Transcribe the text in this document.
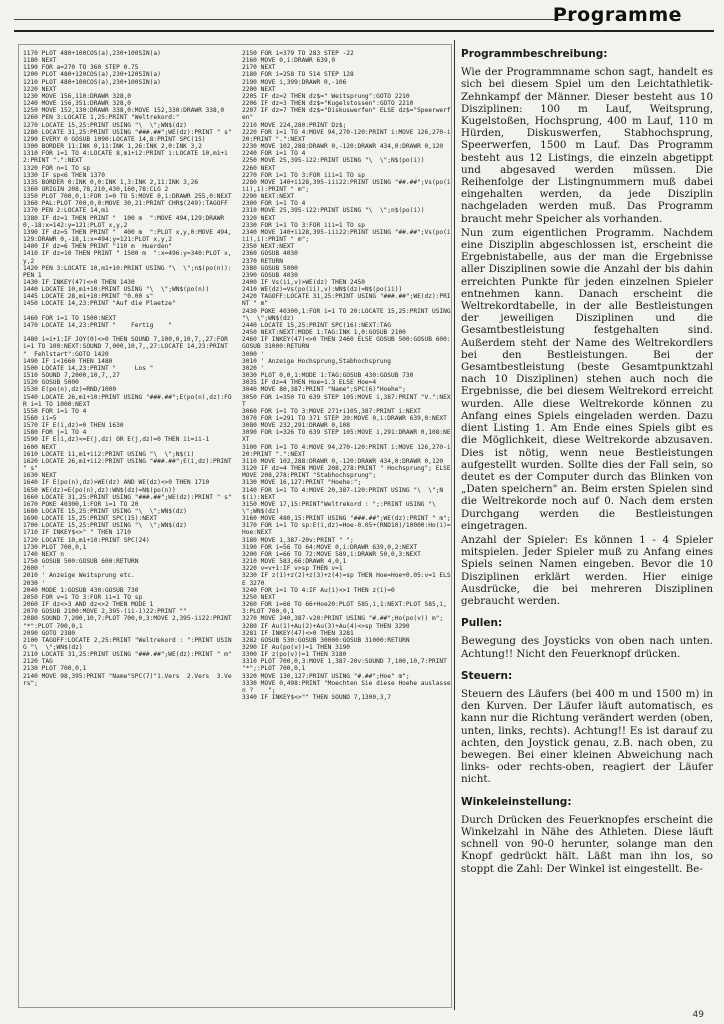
Programme
1170 PLOT 480+100COS(a),230+100SIN(a)
1180 NEXT
1190 FOR a=270 TO 360 STEP 0.75
1200 PLOT 480+120COS(a),230+120SIN(a)
1210 PLOT 480+100COS(a),230+100SIN(a)
1220 NEXT
1230 MOVE 156,110:DRAWR 328,0
1240 MOVE 156,351:DRAWR 328,0
1250 MOVE 152,130:DRAWR 338,0:MOVE 152,330:DRAWR 338,0
1260 PEN 3:LOCATE 1,25:PRINT "Weltrekord:"
1270 LOCATE 15,25:PRINT USING "\  \";WN$(dz)
1280 LOCATE 31,25:PRINT USING "###.##";WE(dz):PRINT " s"
1290 EVERY 0 GOSUB 1090:LOCATE 14,8:PRINT SPC(15)
1300 BORDER 11:INK 0,11:INK 1,26:INK 2,0:INK 3,2
1310 FOR i=1 TO 4:LOCATE 8,m1+i2:PRINT i:LOCATE 10,m1+i2:PRINT ".":NEXT
1320 FOR n=1 TO sp
1330 IF sp<6 THEN 1370
1335 BORDER 0:INK 0,0:INK 1,3:INK 2,11:INK 3,26
1360 ORIGIN 208,78,210,430,160,78:CLG 2
1350 PLOT 700,0,1:FOR i=0 TO 5:MOVE 0,i:DRAWR 255,0:NEXT
1360 PAL:PLOT 700,0,0:MOVE 30,21:PRINT CHR$(249):TAGOFF
1370 PEN 2:LOCATE 14,m1
1380 IF dz=1 THEN PRINT "  100 m  ":MOVE 494,129:DRAWR 0,-18:x=142:y=121:PLOT x,y,2
1390 IF dz=5 THEN PRINT "  400 m  ":PLOT x,y,0:MOVE 494,129:DRAWR 0,-18,1:x=494:y=121:PLOT x,y,2
1400 IF dz=6 THEN PRINT "110 m  Huerden"
1410 IF dz=10 THEN PRINT " 1500 m  ":x=496:y=340:PLOT x,y,2
1420 PEN 3:LOCATE 10,m1+10:PRINT USING "\  \";n$(po(n)):PEN 1
1430 IF INKEY(47)<>0 THEN 1430
1440 LOCATE 10,m1+10:PRINT USING "\  \";WN$(po(n))
1445 LOCATE 28,m1+10:PRINT "0.00 s"
1450 LOCATE 14,23:PRINT "Auf die Plaetze"

1460 FOR i=1 TO 1500:NEXT
1470 LOCATE 14,23:PRINT "    Fertig    "

1480 i=i+1:IF JOY(0)<>0 THEN SOUND 7,100,0,10,7,,27:FOR i=1 TO 100:NEXT:SOUND 7,000,10,7,,27:LOCATE 14,23:PRINT "  Fehlstart":GOTO 1420
1490 IF i<1660 THEN 1480
1500 LOCATE 14,23:PRINT "     Los "
1510 SOUND 7,2000,10,7,,27
1520 GOSUB 5000
1530 E(po(n),dz)=RND/1000
1540 LOCATE 26,m1+10:PRINT USING "###.##";E(po(n),dz):FOR i=1 TO 1000:NEXT
1550 FOR i=1 TO 4
1560 ii=5
1570 IF E(i,dz)=0 THEN 1630
1580 FOR j=1 TO 4
1590 IF E(i,dz)<=E(j,dz) OR E(j,dz)=0 THEN ii=ii-1
1600 NEXT
1610 LOCATE 11,m1+ii2:PRINT USING "\  \";N$(i)
1620 LOCATE 26,m1+ii2:PRINT USING "###.##";E(i,dz):PRINT " s"
1630 NEXT
1640 IF E(po(n),dz)>WE(dz) AND WE(dz)<>0 THEN 1710
1650 WE(dz)=E(po(n),dz):WN$(dz)=N$(po(n))
1660 LOCATE 31,25:PRINT USING "###.##";WE(dz):PRINT " s"
1670 POKE 40300,1:FOR i=1 TO 20
1680 LOCATE 15,25:PRINT USING "\  \";WN$(dz)
1690 LOCATE 15,25:PRINT SPC(15):NEXT
1700 LOCATE 15,25:PRINT USING "\  \";WN$(dz)
1710 IF INKEY$<>" " THEN 1710
1720 LOCATE 10,m1+10:PRINT SPC(24)
1730 PLOT 700,0,1
1740 NEXT n
1750 GOSUB 500:GOSUB 600:RETURN
2000 '
2010 ' Anzeige Weitsprung etc.
2030 '
2040 MODE 1:GOSUB 430:GOSUB 730
2050 FOR v=1 TO 3:FOR ii=1 TO sp
2060 IF dz<>3 AND dz<>2 THEN MODE 1
2070 GOSUB 2100:MOVE 2,395-(ii-1)22:PRINT ""
2080 SOUND 7,200,10,7:PLOT 700,0,3:MOVE 2,395-ii22:PRINT "*":PLOT 700,0,1
2090 GOTO 2380
2100 TAGOFF:LOCATE 2,25:PRINT "Weltrekord : ":PRINT USING "\  \";WN$(dz)
2110 LOCATE 31,25:PRINT USING "###.##";WE(dz):PRINT " m"
2120 TAG
2130 PLOT 700,0,1
2140 MOVE 98,395:PRINT "Name"SPC(7)"1.Vers  2.Vers  3.Vers";
2150 FOR i=379 TO 283 STEP -22
2160 MOVE 0,i:DRAWR 639,0
2170 NEXT
2180 FOR i=258 TO 514 STEP 128
2190 MOVE i,399:DRAWR 0,-106
2200 NEXT
2205 IF dz=2 THEN dz$=" Weitsprung":GOTO 2210
2206 IF dz=3 THEN dz$="Kugelstossen":GOTO 2210
2207 IF dz=7 THEN dz$="Diskuswerfen" ELSE dz$="Speerwerfen"
2210 MOVE 224,280:PRINT Dz$;
2220 FOR i=1 TO 4:MOVE 94,270-i20:PRINT i:MOVE 126,270-i20:PRINT ".":NEXT
2230 MOVE 102,288:DRAWR 0,-120:DRAWR 434,0:DRAWR 0,120
2240 FOR i=1 TO 4
2250 MOVE 25,395-i22:PRINT USING "\  \";N$(po(i))
2260 NEXT
2270 FOR i=1 TO 3:FOR iii=1 TO sp
2280 MOVE 140+i128,395-iii22:PRINT USING "##.##";Vs(po(iii),i):PRINT " m";
2290 NEXT:NEXT
2300 FOR i=1 TO 4
2310 MOVE 25,395-i22:PRINT USING "\  \";n$(po(i))
2320 NEXT
2330 FOR i=1 TO 3:FOR iii=1 TO sp
2340 MOVE 140+i128,395-iii22:PRINT USING "##.##";Vs(po(iii),i):PRINT " m";
2350 NEXT:NEXT
2360 GOSUB 4030
2370 RETURN
2380 GOSUB 5000
2390 GOSUB 4030
2400 IF Vs(ii,v)>WE(dz) THEN 2450
2410 WE(dz)=Vs(po(ii),v):WN$(dz)=N$(po(ii))
2420 TAGOFF:LOCATE 31,25:PRINT USING "###.##";WE(dz):PRINT " m"
2430 POKE 40300,1:FOR i=1 TO 20:LOCATE 15,25:PRINT USING "\  \";WN$(dz)
2440 LOCATE 15,25:PRINT SPC(16):NEXT:TAG
2450 NEXT:NEXT:MODE 1:TAG:INK 1,0:GOSUB 2100
2460 IF INKEY(47)<>0 THEN 2460 ELSE GOSUB 500:GOSUB 600:GOSUB 31000:RETURN
3000 '
3010 ' Anzeige Hochsprung,Stabhochsprung
3020 '
3030 PLOT 0,0,1:MODE 1:TAG:GOSUB 430:GOSUB 730
3035 IF dz=4 THEN Hoe=1.3 ELSE Hoe=4
3040 MOVE 80,387:PRINT "Name";SPC(6)"Hoehe";
3050 FOR i=350 TO 639 STEP 105:MOVE i,387:PRINT "V.":NEXT
3060 FOR i=1 TO 3:MOVE 271+i105,387:PRINT i:NEXT
3070 FOR i=291 TO 371 STEP 20:MOVE 0,i:DRAWR 639,0:NEXT
3080 MOVE 232,291:DRAWR 0,108
3090 FOR i=326 TO 639 STEP 105:MOVE i,291:DRAWR 0,108:NEXT
3100 FOR i=1 TO 4:MOVE 94,270-i20:PRINT i:MOVE 126,270-i20:PRINT ".":NEXT
3110 MOVE 102,288:DRAWR 0,-120:DRAWR 434,0:DRAWR 0,120
3120 IF dz=4 THEN MOVE 208,278:PRINT " Hochsprung"; ELSE MOVE 208,278:PRINT "Stabhochsprung";
3130 MOVE 16,127:PRINT "Hoehe:";
3140 FOR i=1 TO 4:MOVE 20,387-i20:PRINT USING "\  \";N$(i):NEXT
3150 MOVE 17,15:PRINT"Weltrekord : ";:PRINT USING "\  \";WN$(dz)
3160 MOVE 480,15:PRINT USING "###.##";WE(dz):PRINT " m";
3170 FOR i=1 TO sp:E(i,dz)=Hoe-0.05+(RND10)/10000:Ho(i)=Hoe:NEXT
3180 MOVE 1,387-20v:PRINT " ";
3190 FOR i=56 TO 64:MOVE 0,i:DRAWR 639,0,2:NEXT
3200 FOR i=66 TO 72:MOVE 589,i:DRAWR 50,0,3:NEXT
3210 MOVE 583,66:DRAWR 4,0,1
3220 v=v+1:IF v>sp THEN v=1
3230 IF z(1)+z(2)+z(3)+z(4)=sp THEN Hoe=Hoe+0.05:v=1 ELSE 3270
3240 FOR i=1 TO 4:IF Au(i)<>1 THEN z(i)=0
3250 NEXT
3260 FOR i=66 TO 66+Hoe20:PLOT 585,i,1:NEXT:PLOT 585,i,3:PLOT 700,0,1
3270 MOVE 240,387-v20:PRINT USING "#.##";Ho(po(v)) m";
3280 IF Au(1)+Au(2)+Au(3)+Au(4)<>sp THEN 3290
3281 IF INKEY(47)<>0 THEN 3281
3282 GOSUB 530:GOSUB 30000:GOSUB 31000:RETURN
3290 IF Au(po(v))=1 THEN 3190
3300 IF z(po(v))=1 THEN 3180
3310 PLOT 700,0,3:MOVE 1,387-20v:SOUND 7,100,10,7:PRINT "*";:PLOT 700,0,1
3320 MOVE 130,127:PRINT USING "#.##";Hoe" m";
3330 MOVE 0,498:PRINT "Moechten Sie diese Hoehe auslassen ?    ";
3340 IF INKEY$<>"" THEN SOUND 7,1300,3,7
Programmbeschreibung:

Wie der Programmname schon sagt, handelt es sich bei diesem Spiel um den Leichtathletik-Zehnkampf der Männer. Dieser besteht aus 10 Disziplinen: 100 m Lauf, Weitsprung, Kugelstoßen, Hochsprung, 400 m Lauf, 110 m Hürden, Diskuswerfen, Stabhochsprung, Speerwerfen, 1500 m Lauf. Das Programm besteht aus 12 Listings, die einzeln abgetippt und abgesaved werden müssen. Die Reihenfolge der Listingnummern muß dabei eingehalten werden, da jede Disziplin nachgeladen werden muß. Das Programm braucht mehr Speicher als vorhanden.

Nun zum eigentlichen Programm. Nachdem eine Disziplin abgeschlossen ist, erscheint die Ergebnistabelle, aus der man die Ergebnisse aller Disziplinen sowie die Anzahl der bis dahin erreichten Punkte für jeden einzelnen Spieler entnehmen kann. Danach erscheint die Weltrekordtabelle, in der alle Bestleistungen der jeweiligen Disziplinen und die Gesamtbestleistung festgehalten sind. Außerdem steht der Name des Weltrekordlers bei den Bestleistungen. Bei der Gesamtbestleistung (beste Gesamtpunktzahl nach 10 Disziplinen) stehen auch noch die Ergebnisse, die bei diesem Weltrekord erreicht wurden. Alle diese Weltrekorde können zu Anfang eines Spiels eingeladen werden. Dazu dient Listing 1. Am Ende eines Spiels gibt es die Möglichkeit, diese Weltrekorde abzusaven. Dies ist nötig, wenn neue Bestleistungen aufgestellt wurden. Sollte dies der Fall sein, so deutet es der Computer durch das Blinken von „Daten speichern" an. Beim ersten Spielen sind die Weltrekorde noch auf 0. Nach dem ersten Durchgang werden die Bestleistungen eingetragen.

Anzahl der Spieler: Es können 1 - 4 Spieler mitspielen. Jeder Spieler muß zu Anfang eines Spiels seinen Namen eingeben. Bevor die 10 Disziplinen erklärt werden. Hier einige Ausdrücke, die bei mehreren Disziplinen gebraucht werden.

Pullen:

Bewegung des Joysticks von oben nach unten. Achtung!! Nicht den Feuerknopf drücken.

Steuern:

Steuern des Läufers (bei 400 m und 1500 m) in den Kurven. Der Läufer läuft automatisch, es kann nur die Richtung verändert werden (oben, unten, links, rechts). Achtung!! Es ist darauf zu achten, den Joystick genau, z.B. nach oben, zu bewegen. Bei einer kleinen Abweichung nach links- oder rechts-oben, reagiert der Läufer nicht.

Winkeleinstellung:

Durch Drücken des Feuerknopfes erscheint die Winkelzahl in Nähe des Athleten. Diese läuft schnell von 90-0 herunter, solange man den Knopf gedrückt hält. Läßt man ihn los, so stoppt die Zahl: Der Winkel ist eingestellt. Be-

49
